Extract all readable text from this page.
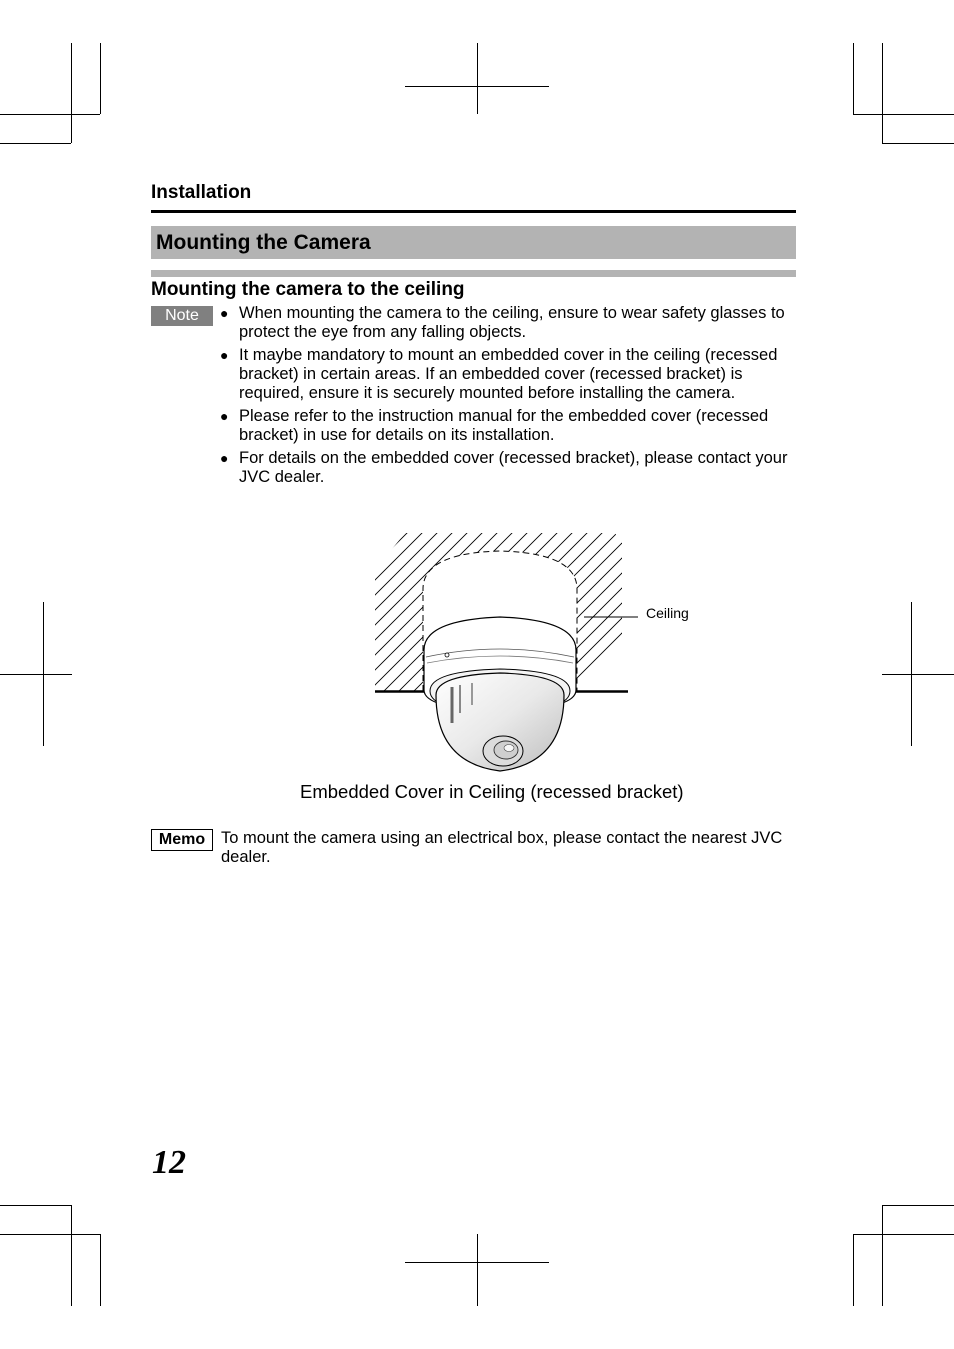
Installation
Mounting the Camera
Mounting the camera to the ceiling
Note	● When mounting the camera to the ceiling, ensure to wear safety glasses to protect the eye from any falling objects.
● It maybe mandatory to mount an embedded cover in the ceiling (recessed bracket) in certain areas. If an embedded cover (recessed bracket) is required, ensure it is securely mounted before installing the camera.
● Please refer to the instruction manual for the embedded cover (recessed bracket) in use for details on its installation.
● For details on the embedded cover (recessed bracket), please contact your JVC dealer.
Ceiling
Embedded Cover in Ceiling (recessed bracket)
Memo To mount the camera using an electrical box, please contact the nearest JVC dealer.
12
